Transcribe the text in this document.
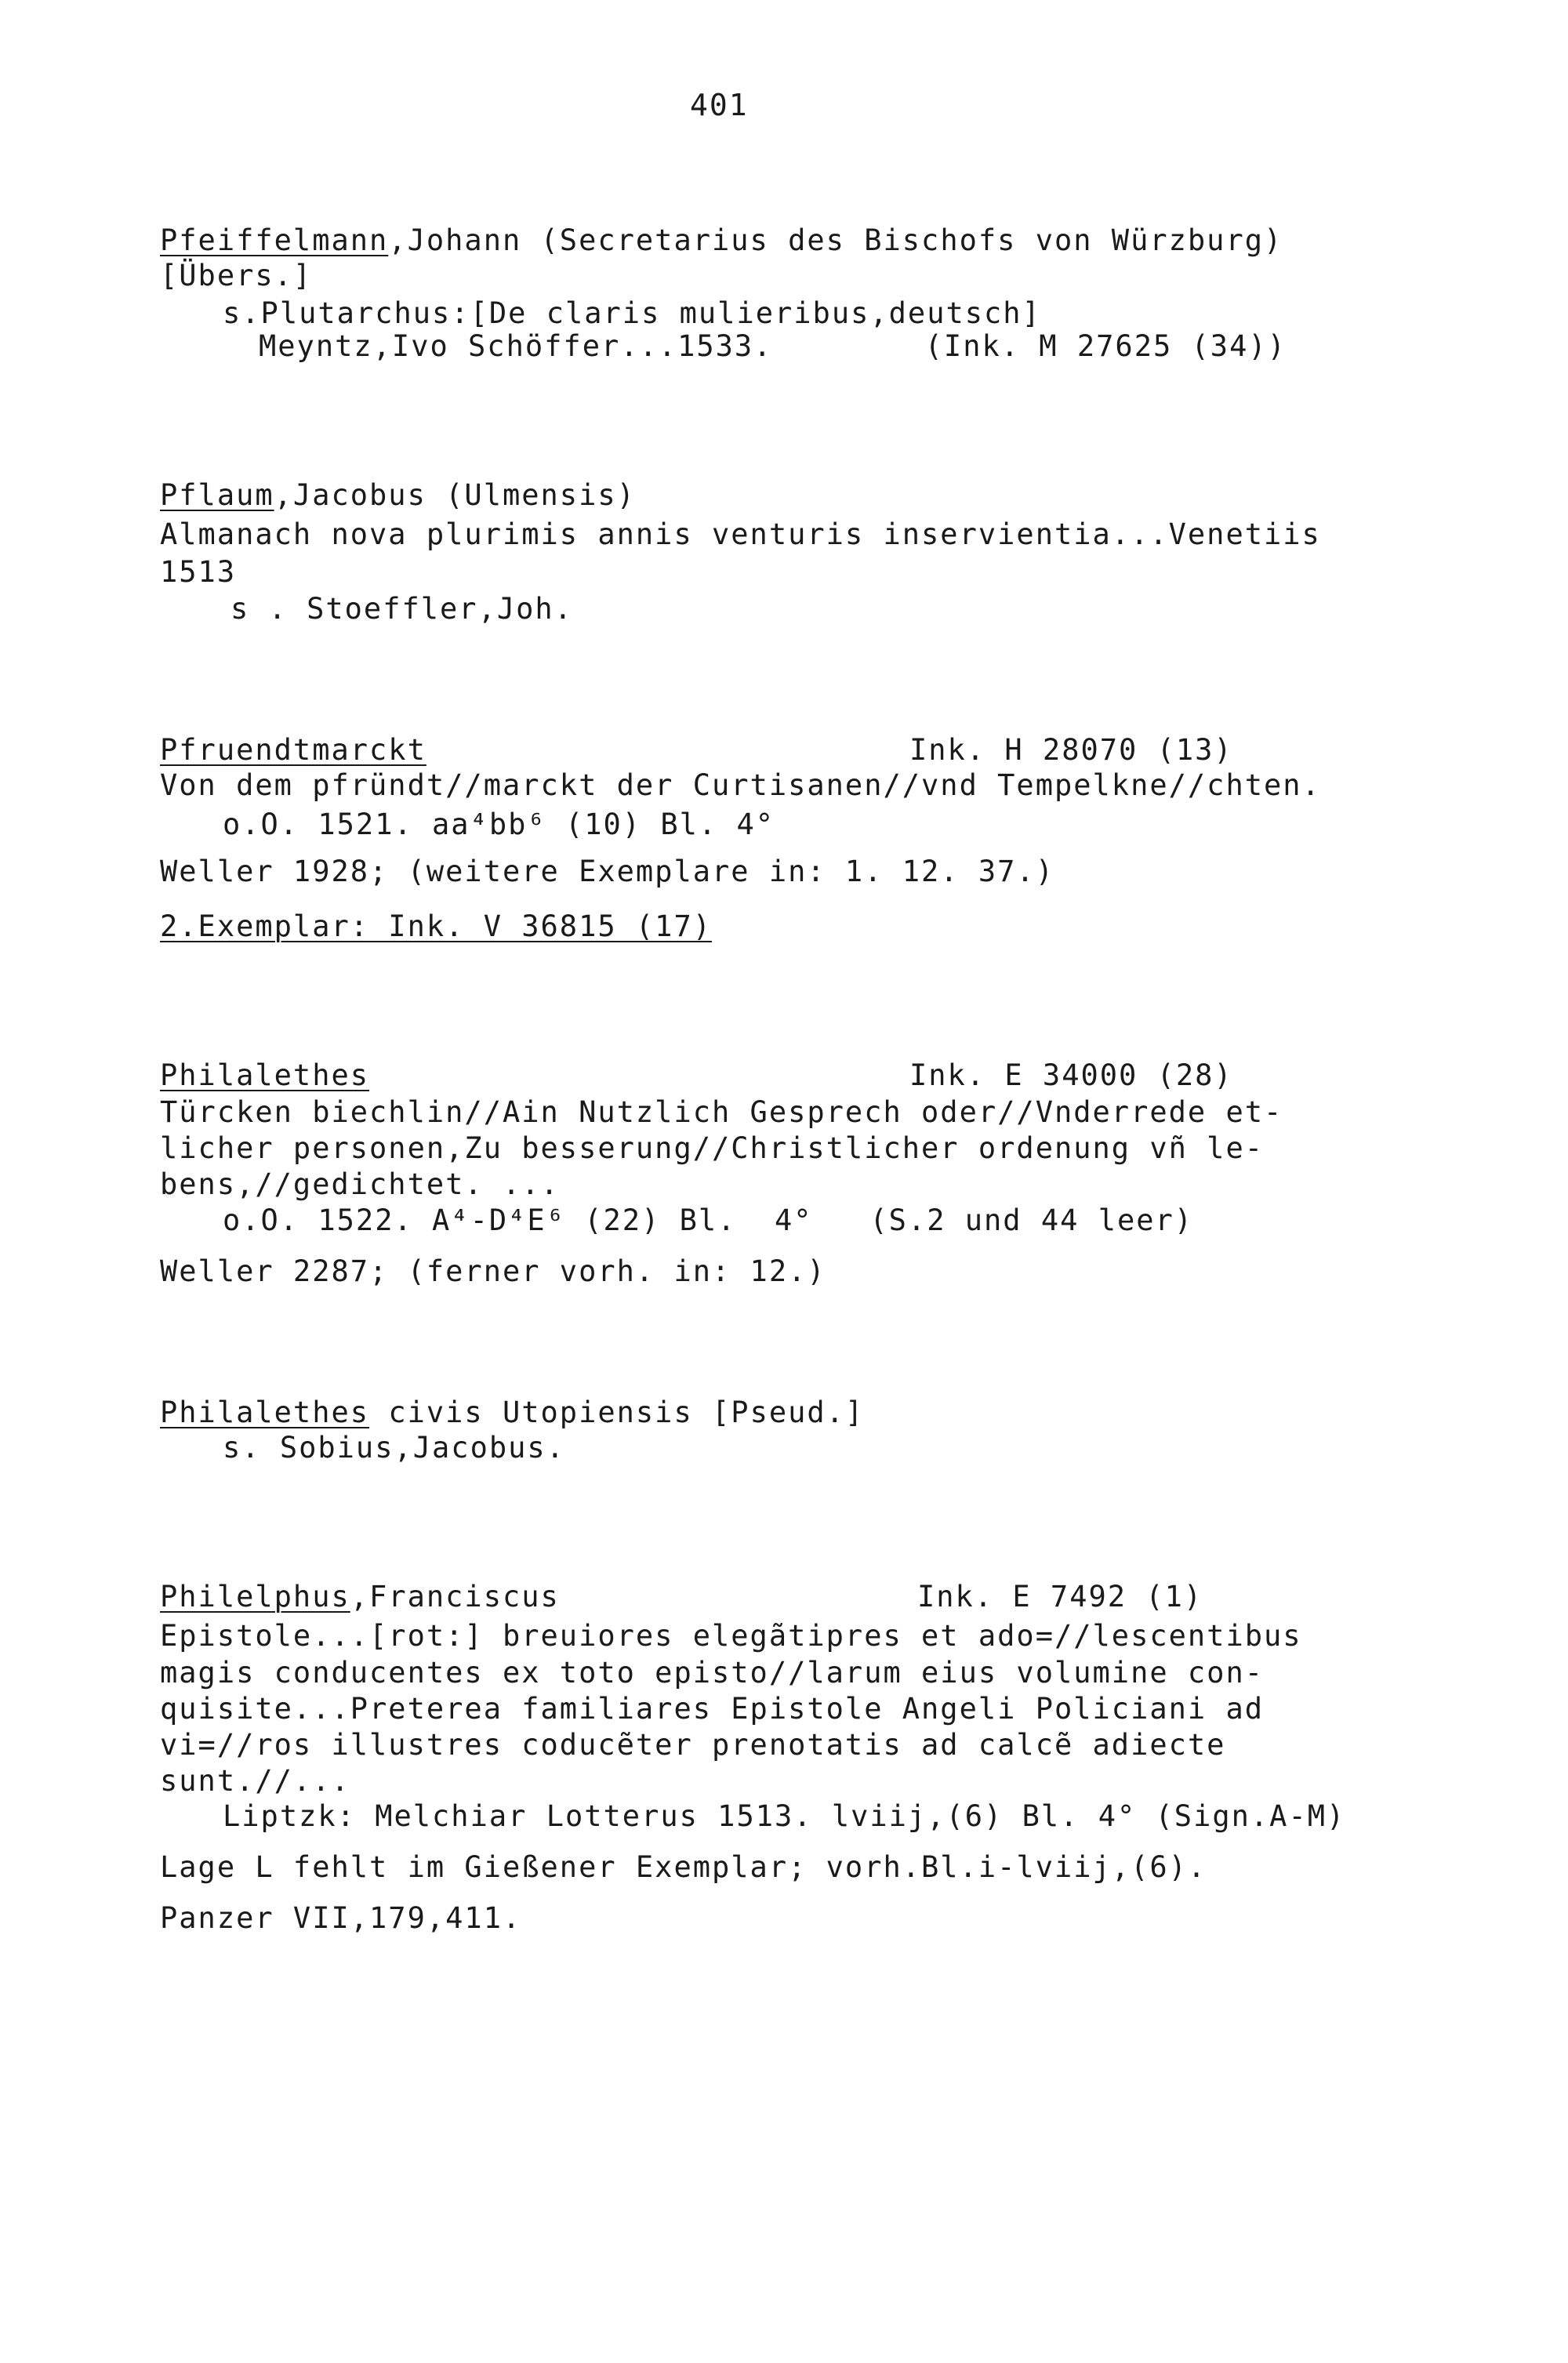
401
Pfeiffelmann,Johann (Secretarius des Bischofs von Würzburg)
[Übers.]
s.Plutarchus:[De claris mulieribus,deutsch]
Meyntz,Ivo Schöffer...1533.        (Ink. M 27625 (34))
Pflaum,Jacobus (Ulmensis)
Almanach nova plurimis annis venturis inservientia...Venetiis
1513
s . Stoeffler,Joh.
Pfruendtmarckt	Ink. H 28070 (13)
Von dem pfründt//marckt der Curtisanen//vnd Tempelkne//chten.
o.O. 1521. aa⁴bb⁶ (10) Bl. 4°
Weller 1928; (weitere Exemplare in: 1. 12. 37.)
2.Exemplar: Ink. V 36815 (17)
Philalethes	Ink. E 34000 (28)
Türcken biechlin//Ain Nutzlich Gesprech oder//Vnderrede et-
licher personen,Zu besserung//Christlicher ordenung vñ le-
bens,//gedichtet. ...
o.O. 1522. A⁴-D⁴E⁶ (22) Bl.  4°   (S.2 und 44 leer)
Weller 2287; (ferner vorh. in: 12.)
Philalethes civis Utopiensis [Pseud.]
s. Sobius,Jacobus.
Philelphus,Franciscus	Ink. E 7492 (1)
Epistole...[rot:] breuiores elegãtipres et ado=//lescentibus
magis conducentes ex toto episto//larum eius volumine con-
quisite...Preterea familiares Epistole Angeli Policiani ad
vi=//ros illustres coducẽter prenotatis ad calcẽ adiecte
sunt.//...
Liptzk: Melchiar Lotterus 1513. lviij,(6) Bl. 4° (Sign.A-M)
Lage L fehlt im Gießener Exemplar; vorh.Bl.i-lviij,(6).
Panzer VII,179,411.
